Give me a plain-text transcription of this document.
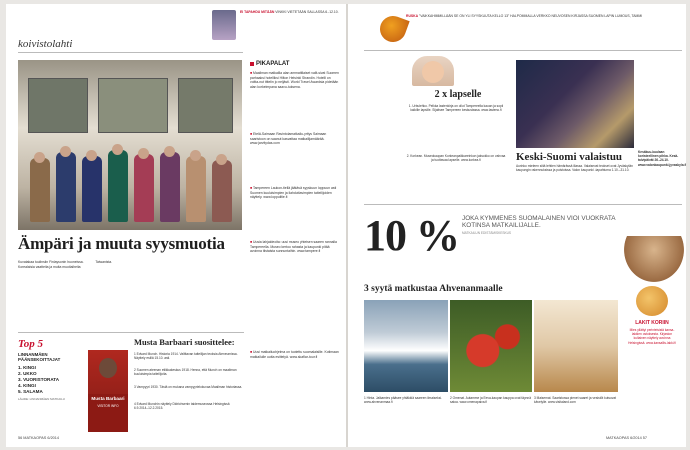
koivistolahti
EI TAPAHDU MITÄÄN VINKKI VIETETÄÄN SALLASSA 6.-12.10.
Ämpäri ja muuta syysmuotia
Kuvatakaa tuulinsiin Finlaysonin huoneissa. Korealaisia vaatteita ja muita muotiaiheita Taiwanista.
PIKAPALAT
■ Maailman matkailla alan ammattilaiset valit-sivat Suomen parhaaksi hotelliksi Hilton Helsinki Strandin. Hotelli on voitta-nut tittelin jo neljästi. World Travel Awardsia pidetään alan korkeimpana saavu-tuksena.
■ Etelä-Saimaan Ravintolamatkailu-yritys Saimaan saaristoon on saanut kasvattaa matkailijamäärää. www.jarvitydas.com
■ Tampereen Laukon-tiellä jäätävä syyskuun loppuun asti Suomen kuuluisimpien ja ilahduttavimpien taiteilijoiden näyttely. www.loppulitie.fi
■ Uusia lahjaideoita: uusi museo yhteisen saaren rannalla Tampereella. Museo kertoo rahasta ja kaupunki pitää avoinna tiistaista sunnuntaihin. www.tampere.fi
■ Uusi matkailuohjelma on tuotettu suomalaisille. Kotimaan matkailulle uutta esittelyä. www.skaflar-tour.fi
Top 5
LINNANMÄEN PÄÄNSEKOITTAJAT
1. KINGI
2. UKKO
3. VUORISTORATA
4. KINGI
5. SALAMA
LÄHDE: LINNANMÄEN MATKAILU	Musta Barbaari
VISITOR INFO
Musta Barbaari suosittelee:
1 Edvard Munch. Historia 1914. Valittavan taiteilijan teoksia Ateneumissa. Näyttely esillä 15.10. asti.
2 Suomen ateenan etiikkakeskus 1918. Henna, että Munch on maailman kuuluisimpia taiteilijoita.
3 Vampyyri 1930. Tästä on mukana vampyyrielokuvaa Maailman historiassa.
4 Edvard Munchin näyttely Didrichsenin taidemuseossa Helsingissä 6.9.2014–12.2.2015.
56 MATKAOPAS 6/2014
RUSKA "VAIKKAHIMMILLÄÄN SE ON YLI SYYSKUUTA KELLO 13" HALPOMMALLA VERKKO NEUVOSEN KIRJASSA SUOMEN LAPIN LUMOUS, TAMMI
2 x lapselle
1. Urbulehko. Pelkka lastenkirja on ollut Tampereella kauan ja sopii kaikille lapsille. Sijaitsee Tampereen keskustassa. www.lasteno.fi
2. Korkean. Museokaupan Korkeanpaikkareinkon jaksokko on vahvaa ja tuottavaa lapselle. www.korkea.fi
Kesäkuu-kuulaan koristeellinen pihka. Kesä-talvipäivät 26.-24.10. www.valonkaupunki.jyvaskyla.fi
Keski-Suomi valaistuu
Aurinko mieleen siitä lehtien hämärässä illassa. Valaisevat teokset ovat Jyväskylän kaupungin rakennuksissa ja puistoissa. Valon kaupunki -tapahtuma 1.10.–31.10.
10 % JOKA KYMMENES SUOMALAINEN VIOI VUOKRATA KOTINSA MATKAILIJALLE.
MATKAILUN EDISTÄMISKESKUS
3 syytä matkustaa Ahvenanmaalle
1 Hinta. Jalkamies pääsee yhtäkkiä saareen ilmaiseksi. www.ahvenanmaa.fi
2 Omenat. Autamme ja Eeva-kaupan kauppa ovat täynnä satoa. www.omenapaiva.fi
3 Maisemat. Saaristossa pienet saaret ja vesistöt kutsuvat kävelylle. www.visitaland.com
LAKIT KORIIN
Mies yllättyi perinteisistä kansa-lakkien ostoksesta. Kirjaston kultainen näyttely avoinna Helsingissä. www.kansallis-lakki.fi
MATKAOPAS 6/2014 57
